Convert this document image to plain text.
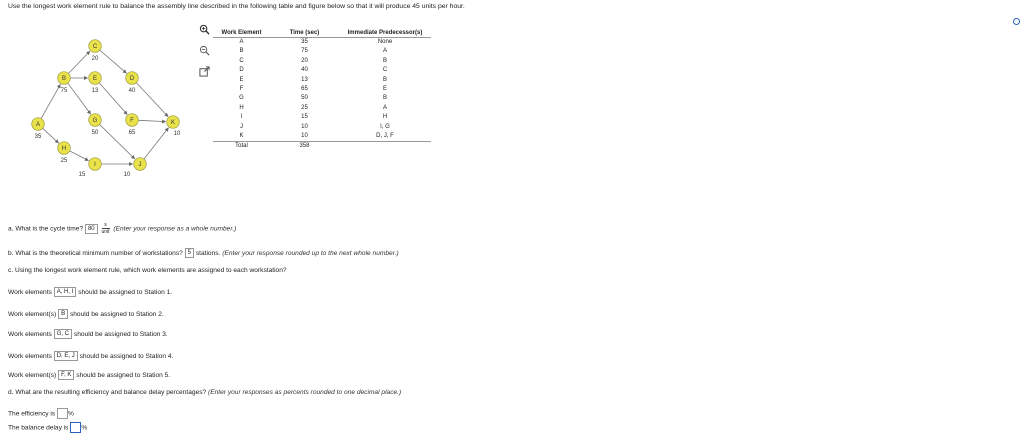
Use the longest work element rule to balance the assembly line described in the following table and figure below so that it will produce 45 units per hour.
A
35
B
75
C
20
D
40
E
13
F
65
G
50
H
25
I
15
J
10
K
10
Work Element	Time (sec)	Immediate Predecessor(s)
A	35	None
B	75	A
C	20	B
D	40	C
E	13	B
F	65	E
G	50	B
H	25	A
I	15	H
J	10	I, G
K	10	D, J, F
Total	358	
a. What is the cycle time? $80 \frac{s}{\text{unit}}$ (Enter your response as a whole number.)
b. What is the theoretical minimum number of workstations? 5 stations. (Enter your response rounded up to the next whole number.)
c. Using the longest work element rule, which work elements are assigned to each workstation?
Work elements A, H, I should be assigned to Station 1.
Work element(s) B should be assigned to Station 2.
Work elements G, C should be assigned to Station 3.
Work elements D, E, J should be assigned to Station 4.
Work element(s) F, K should be assigned to Station 5.
d. What are the resulting efficiency and balance delay percentages? (Enter your responses as percents rounded to one decimal place.)
The efficiency is %
The balance delay is %
